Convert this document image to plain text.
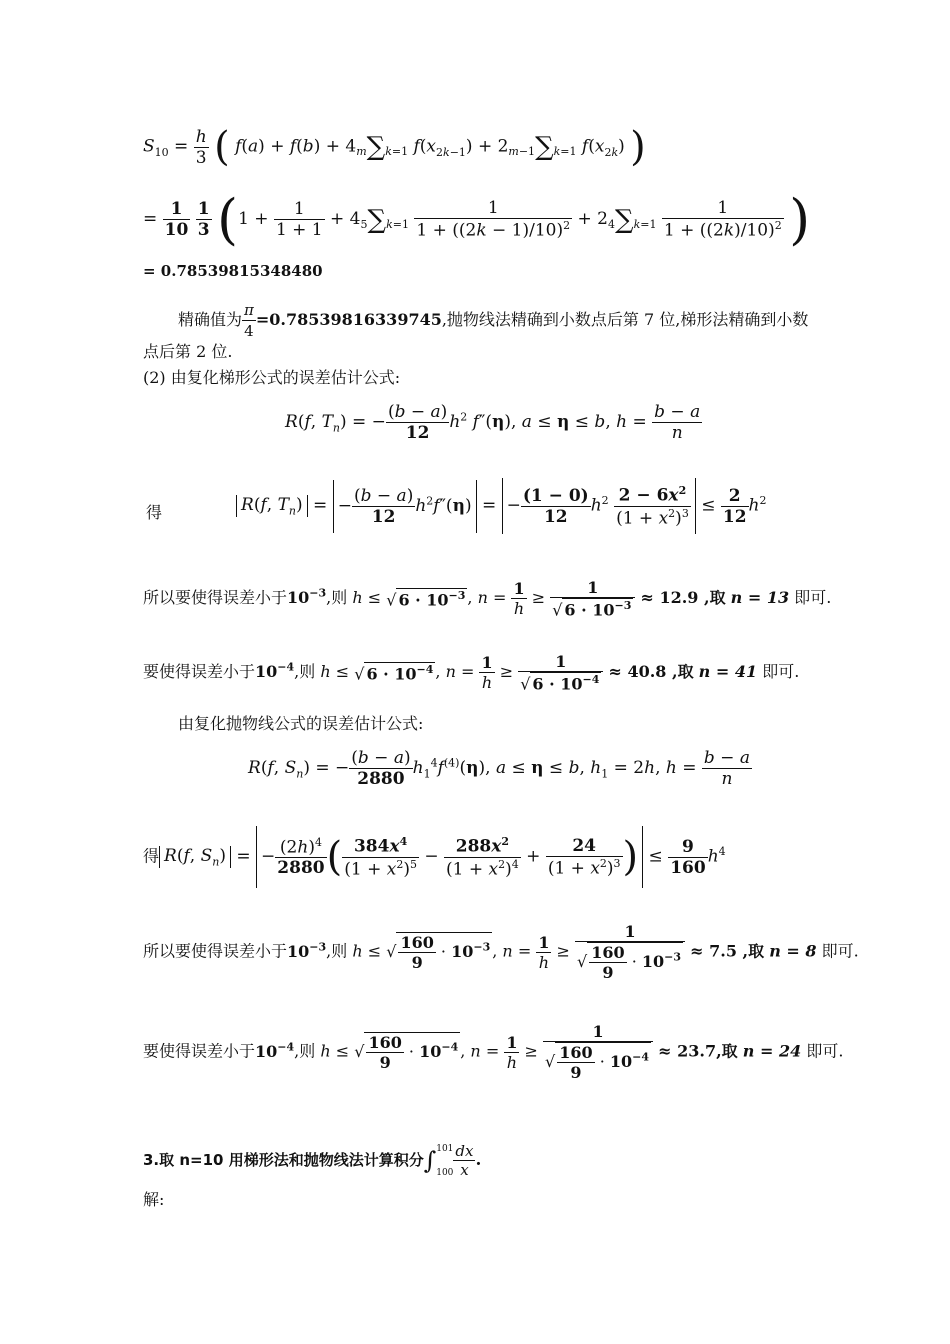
$S_{10} = \frac{h}{3}$ ( f(a) + f(b) + 4m∑k=1 $f(x_{2k-1}) + 2m-1\sum k=1$ $f(x_{2k})$ )
= $\frac{1}{10}$
$\frac{1}{3} (1 + \frac{1}{1 + 1} + 45\sum k=1 \frac{1}{1 + ((2k - 1)/10)^2} + 24\sum k=1 \frac{1}{1 + ((2k)/10)^2}$ )
= 0.78539815348480
精确值为 $\frac{\pi}{4} =0.78539816339745$,抛物线法精确到小数点后第 7 位,梯形法精确到小数
点后第 2 位.
(2) 由复化梯形公式的误差估计公式:
R(f, $T_n$) = − $\frac{(b - a)}{12} h^2$ f″(η), a ≤ η ≤ b, $h = \frac{b - a}{n}$
得	R(f, $T_n$) = − $\frac{(b - a)}{12} h^2f''(\eta)$ = − $\frac{(1 - 0)}{12} h^2 \frac{2 - 6x^2}{(1 + x^2)^3} \le \frac{2}{12} h^2$
所以要使得误差小于$10^{-3}$,则 h ≤ √ $6 \cdot 10^{-3}$ , $n = \frac{1}{h} \ge \frac{1}{√ 6 \cdot 10^{-3}} \approx 12.9$ ,取 n = 13 即可.
要使得误差小于$10^{-4}$,则 h ≤ √ $6 \cdot 10^{-4}$ , $n = \frac{1}{h} \ge \frac{1}{√ 6 \cdot 10^{-4}} \approx 40.8$ ,取 n = 41 即可.
由复化抛物线公式的误差估计公式:
R(f, $S_n$) = − $\frac{(b - a)}{2880} h_1^4f^{(4)}(\eta)$, a ≤ η ≤ b, $h_1 = 2h$, $h = \frac{b - a}{n}$
得 R(f, $S_n$) = − $\frac{(2h)^4}{2880}$ ( $\frac{384x^4}{(1 + x^2)^5} - \frac{288x^2}{(1 + x^2)^4} + \frac{24}{(1 + x^2)^3}$ ) ≤ $\frac{9}{160} h^4$
所以要使得误差小于$10^{-3}$,则 h ≤ √ $\frac{160}{9} \cdot 10^{-3}$ , $n = \frac{1}{h} \ge \frac{1}{√ \frac{160}{9} \cdot 10^{-3}} \approx 7.5$ ,取 n = 8 即可.
要使得误差小于$10^{-4}$,则 h ≤ √ $\frac{160}{9} \cdot 10^{-4}$ , $n = \frac{1}{h} \ge \frac{1}{√ \frac{160}{9} \cdot 10^{-4}} \approx 23.7$,取 n = 24 即可.
3.取 n=10 用梯形法和抛物线法计算积分∫101

$100 \frac{dx}{x}$ .
解:
